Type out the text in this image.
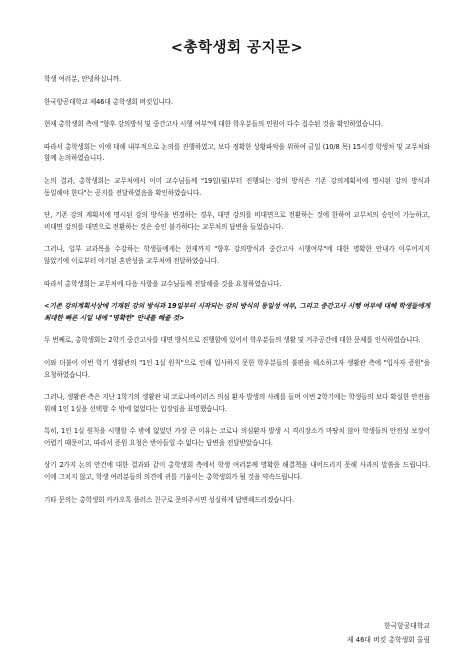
<총학생회 공지문>

학생 여러분, 안녕하십니까.

한국항공대학교 제46대 총학생회 버킷입니다.

현재 총학생회 측에 "향후 강의방식 및 중간고사 시행 여부"에 대한 학우분들의 민원이 다수 접수된 것을 확인하였습니다.

따라서 총학생회는 이에 대해 내부적으로 논의를 진행하였고, 보다 정확한 상황파악을 위하여 금일 (10/8 목) 15시경 학생처 및 교무처와 함께 논의하였습니다.

논의 결과, 총학생회는 교무처에서 이미 교수님들께 "19일(월)부터 진행되는 강의 방식은 기존 강의계획서에 명시된 강의 방식과 동일해야 한다"는 공지를 전달하였음을 확인하였습니다.

단, 기존 강의 계획서에 명시된 강의 방식을 변경하는 경우, 대면 강의를 비대면으로 전환하는 것에 한하여 교무처의 승인이 가능하고, 비대면 강의를 대면으로 전환하는 것은 승인 불가하다는 교무처의 답변을 들었습니다.

그러나, 일부 교과목을 수강하는 학생들에게는 현재까지 "향후 강의방식과 중간고사 시행여부"에 대한 명확한 안내가 이루어지지 않았기에 이로부터 야기된 혼란성을 교무처에 전달하였습니다.

따라서 총학생회는 교무처에 다음 사항을 교수님들께 전달해줄 것을 요청하였습니다.

<기존 강의계획서상에 기재된 강의 방식과 19일부터 시작되는 강의 방식의 동일성 여부, 그리고 중간고사 시행 여부에 대해 학생들에게 최대한 빠른 시일 내에 "명확한" 안내를 해줄 것>

두 번째로, 총학생회는 2학기 중간고사를 대면 방식으로 진행함에 있어서 학우분들의 생활 및 거주공간에 대한 문제를 인식하였습니다.

이와 더불어 이번 학기 생활관의 "1인 1실 원칙"으로 인해 입사하지 못한 학우분들의 불편을 해소하고자 생활관 측에 "입사자 증원"을 요청하였습니다.

그러나, 생활관 측은 지난 1학기의 생활관 내 코로나바이러스 의심 환자 발생의 사례를 들며 이번 2학기에는 학생들의 보다 확실한 안전을 위해 1인 1실을 선택할 수 밖에 없었다는 입장임을 표명했습니다.

특히, 1인 1실 원칙을 시행할 수 밖에 없었던 가장 큰 이유는 코로나 의심환자 발생 시 격리장소가 마땅치 않아 학생들의 안전성 보장이 어렵기 때문이고, 따라서 증원 요청은 받아들일 수 없다는 답변을 전달받았습니다.

상기 2가지 논의 안건에 대한 결과와 같이 총학생회 측에서 학생 여러분께 명확한 해결책을 내어드리지 못해 사과의 말씀을 드립니다. 이에 그치지 않고, 학생 여러분들의 의견에 귀를 기울이는 총학생회가 될 것을 약속드립니다.

기타 문의는 총학생회 카카오톡 플러스 친구로 문의주시면 성실하게 답변해드리겠습니다.

한국항공대학교
제 46대 버킷 총학생회 올림
